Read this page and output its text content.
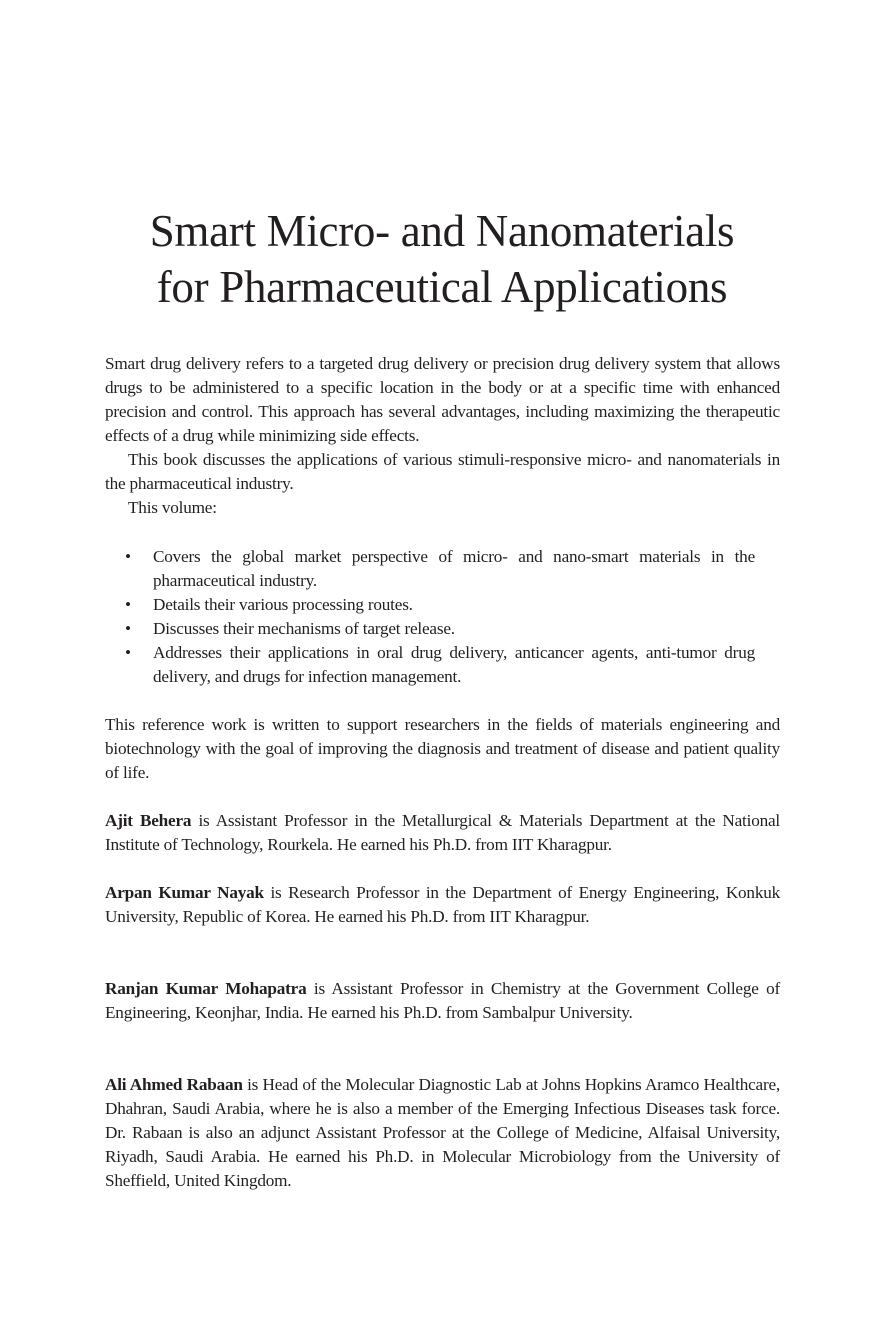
Smart Micro- and Nanomaterials
for Pharmaceutical Applications

Smart drug delivery refers to a targeted drug delivery or precision drug delivery system that allows drugs to be administered to a specific location in the body or at a specific time with enhanced precision and control. This approach has several advantages, including maximizing the therapeutic effects of a drug while minimizing side effects.

This book discusses the applications of various stimuli-responsive micro- and nanomaterials in the pharmaceutical industry.

This volume:

• Covers the global market perspective of micro- and nano-smart materials in the pharmaceutical industry.
• Details their various processing routes.
• Discusses their mechanisms of target release.
• Addresses their applications in oral drug delivery, anticancer agents, anti-tumor drug delivery, and drugs for infection management.

This reference work is written to support researchers in the fields of materials engineering and biotechnology with the goal of improving the diagnosis and treatment of disease and patient quality of life.

Ajit Behera is Assistant Professor in the Metallurgical & Materials Department at the National Institute of Technology, Rourkela. He earned his Ph.D. from IIT Kharagpur.

Arpan Kumar Nayak is Research Professor in the Department of Energy Engineering, Konkuk University, Republic of Korea. He earned his Ph.D. from IIT Kharagpur.

Ranjan Kumar Mohapatra is Assistant Professor in Chemistry at the Government College of Engineering, Keonjhar, India. He earned his Ph.D. from Sambalpur University.

Ali Ahmed Rabaan is Head of the Molecular Diagnostic Lab at Johns Hopkins Aramco Healthcare, Dhahran, Saudi Arabia, where he is also a member of the Emerging Infectious Diseases task force. Dr. Rabaan is also an adjunct Assistant Professor at the College of Medicine, Alfaisal University, Riyadh, Saudi Arabia. He earned his Ph.D. in Molecular Microbiology from the University of Sheffield, United Kingdom.
